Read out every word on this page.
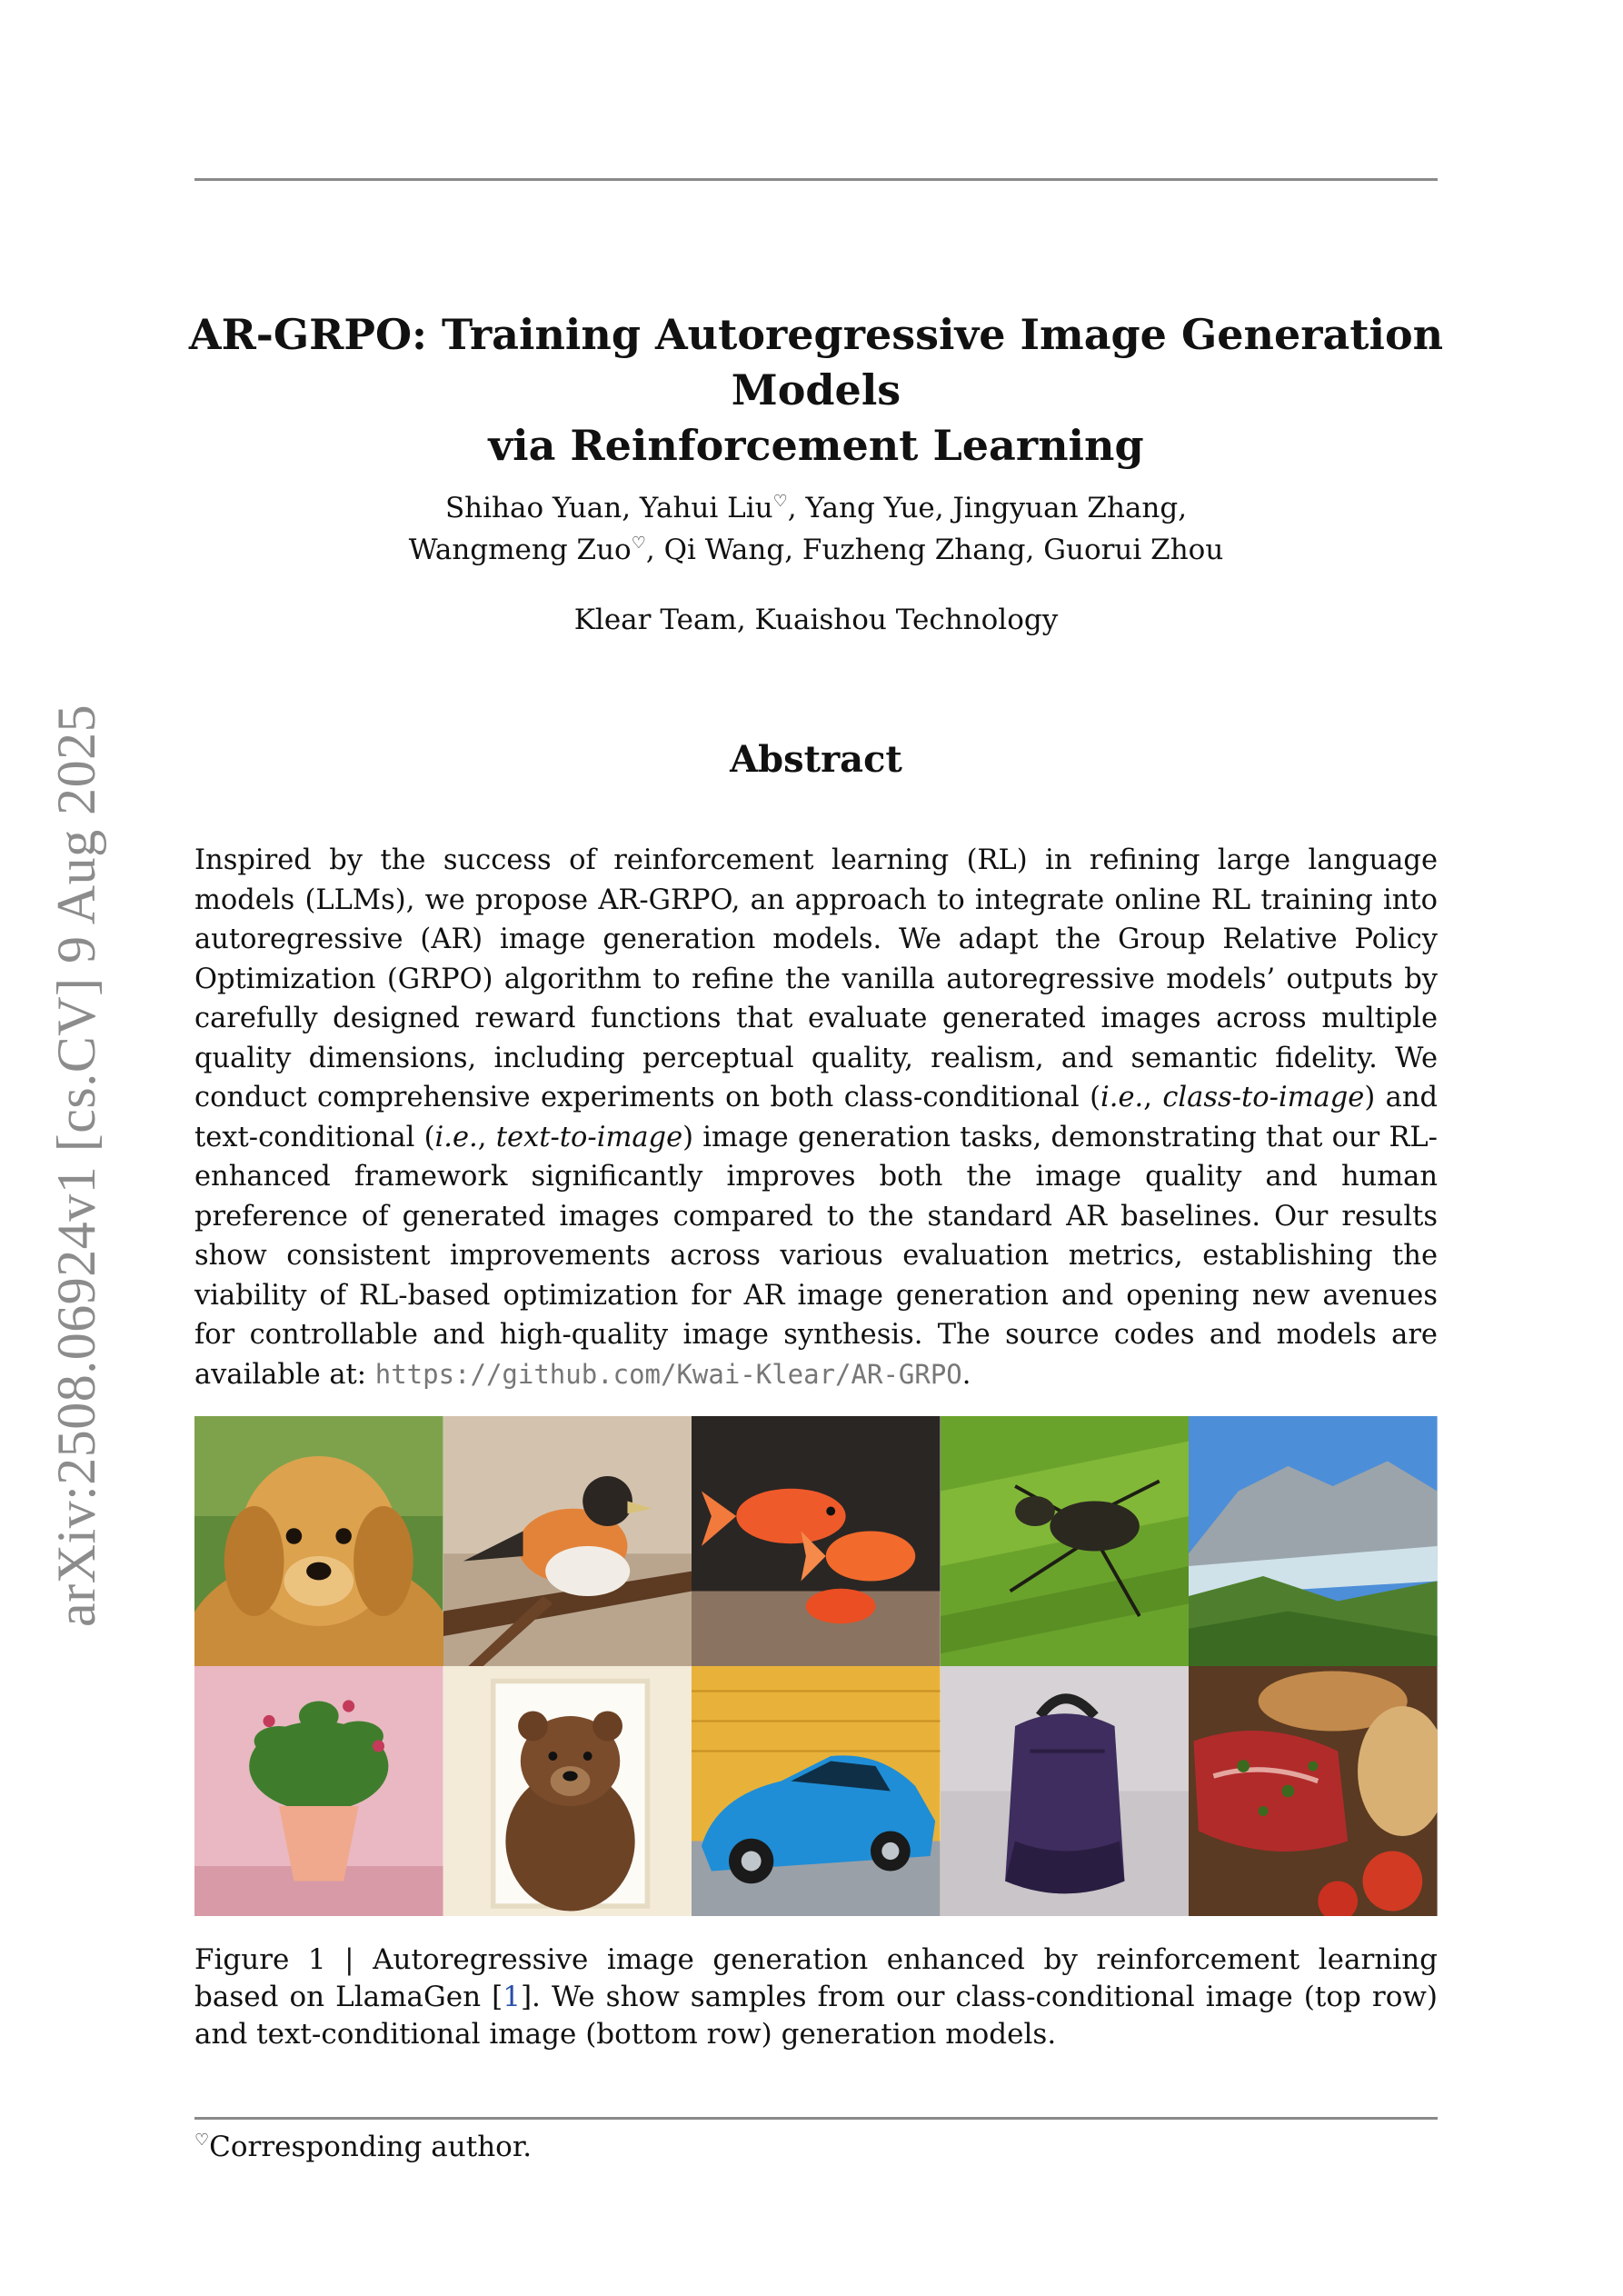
arXiv:2508.06924v1 [cs.CV] 9 Aug 2025
AR-GRPO: Training Autoregressive Image Generation Models
via Reinforcement Learning
Shihao Yuan, Yahui Liu♡, Yang Yue, Jingyuan Zhang,
Wangmeng Zuo♡, Qi Wang, Fuzheng Zhang, Guorui Zhou
Klear Team, Kuaishou Technology
Abstract

Inspired by the success of reinforcement learning (RL) in refining large language models (LLMs), we propose AR-GRPO, an approach to integrate online RL training into autoregressive (AR) image generation models. We adapt the Group Relative Policy Optimization (GRPO) algorithm to refine the vanilla autoregressive models’ outputs by carefully designed reward functions that evaluate generated images across multiple quality dimensions, including perceptual quality, realism, and semantic fidelity. We conduct comprehensive experiments on both class-conditional (i.e., class-to-image) and text-conditional (i.e., text-to-image) image generation tasks, demonstrating that our RL-enhanced framework significantly improves both the image quality and human preference of generated images compared to the standard AR baselines. Our results show consistent improvements across various evaluation metrics, establishing the viability of RL-based optimization for AR image generation and opening new avenues for controllable and high-quality image synthesis. The source codes and models are available at: https://github.com/Kwai-Klear/AR-GRPO.

Figure 1 | Autoregressive image generation enhanced by reinforcement learning based on LlamaGen [1]. We show samples from our class-conditional image (top row) and text-conditional image (bottom row) generation models.

♡Corresponding author.
